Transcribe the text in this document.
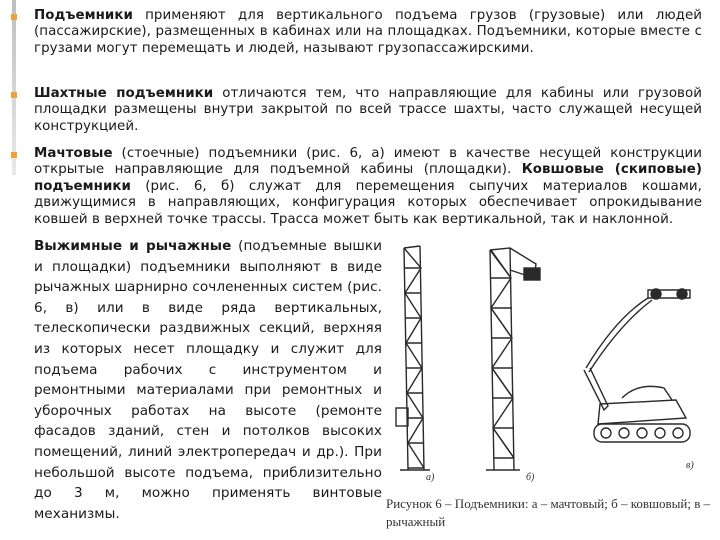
Подъемники применяют для вертикального подъема грузов (грузовые) или людей (пассажирские), размещенных в кабинах или на площадках. Подъемники, которые вместе с грузами могут перемещать и людей, называют грузопассажирскими.

Шахтные подъемники отличаются тем, что направляющие для кабины или грузовой площадки размещены внутри закрытой по всей трассе шахты, часто служащей несущей конструкцией.

Мачтовые (стоечные) подъемники (рис. 6, а) имеют в качестве несущей конструкции открытые направляющие для подъемной кабины (площадки). Ковшовые (скиповые) подъемники (рис. 6, б) служат для перемещения сыпучих материалов кошами, движущимися в направляющих, конфигурация которых обеспечивает опрокидывание ковшей в верхней точке трассы. Трасса может быть как вертикальной, так и наклонной.

Выжимные и рычажные (подъемные вышки и площадки) подъемники выполняют в виде рычажных шарнирно сочлененных систем (рис. 6, в) или в виде ряда вертикальных, телескопически раздвижных секций, верхняя из которых несет площадку и служит для подъема рабочих с инструментом и ремонтными материалами при ремонтных и уборочных работах на высоте (ремонте фасадов зданий, стен и потолков высоких помещений, линий электропередач и др.). При небольшой высоте подъема, приблизительно до 3 м, можно применять винтовые механизмы.

а)	б)
в)
Рисунок 6 – Подъемники: а – мачтовый; б – ковшовый; в – рычажный
